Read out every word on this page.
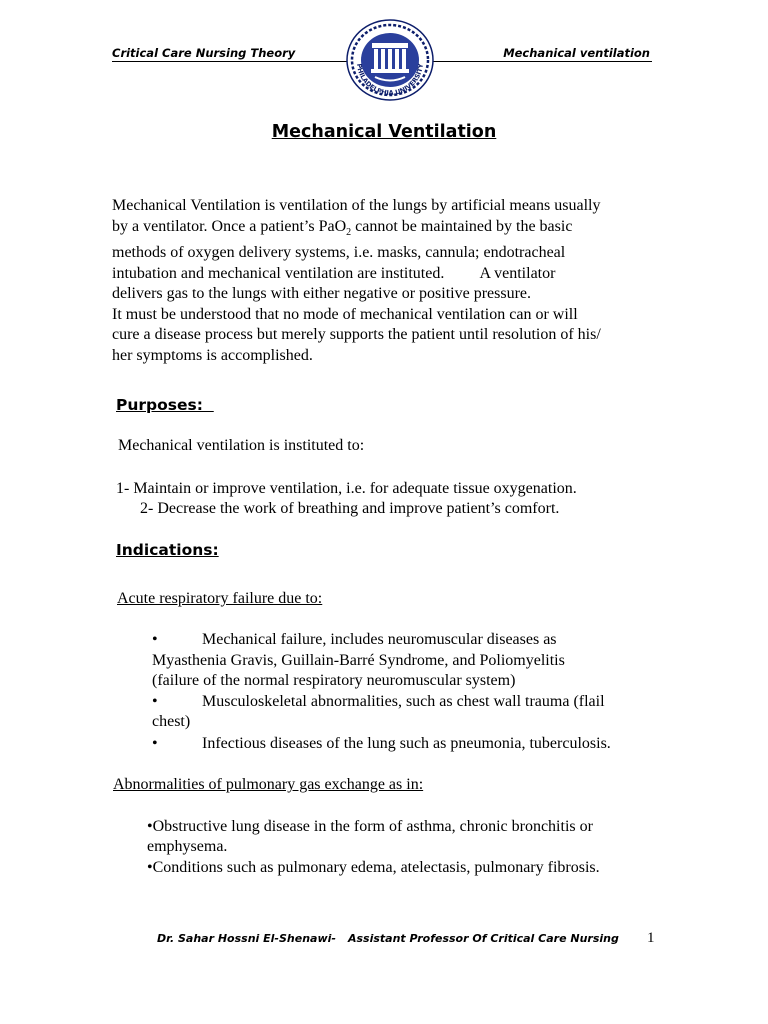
Critical Care Nursing Theory	Mechanical ventilation
PHILADELPHIA UNIVERSITY
Mechanical Ventilation
Mechanical Ventilation is ventilation of the lungs by artificial means usually
by a ventilator. Once a patient’s PaO$_2$ cannot be maintained by the basic
methods of oxygen delivery systems, i.e. masks, cannula; endotracheal
intubation and mechanical ventilation are instituted.         A ventilator
delivers gas to the lungs with either negative or positive pressure.
It must be understood that no mode of mechanical ventilation can or will
cure a disease process but merely supports the patient until resolution of his/
her symptoms is accomplished.
Purposes:
Mechanical ventilation is instituted to:
1- Maintain or improve ventilation, i.e. for adequate tissue oxygenation.
2- Decrease the work of breathing and improve patient’s comfort.
Indications:
Acute respiratory failure due to:
•	Mechanical failure, includes neuromuscular diseases as
Myasthenia Gravis, Guillain-Barré Syndrome, and Poliomyelitis
(failure of the normal respiratory neuromuscular system)
•	Musculoskeletal abnormalities, such as chest wall trauma (flail
chest)
•	Infectious diseases of the lung such as pneumonia, tuberculosis.
Abnormalities of pulmonary gas exchange as in:
•Obstructive lung disease in the form of asthma, chronic bronchitis or
emphysema.
•Conditions such as pulmonary edema, atelectasis, pulmonary fibrosis.
Dr. Sahar Hossni El-Shenawi- Assistant Professor Of Critical Care Nursing 1
